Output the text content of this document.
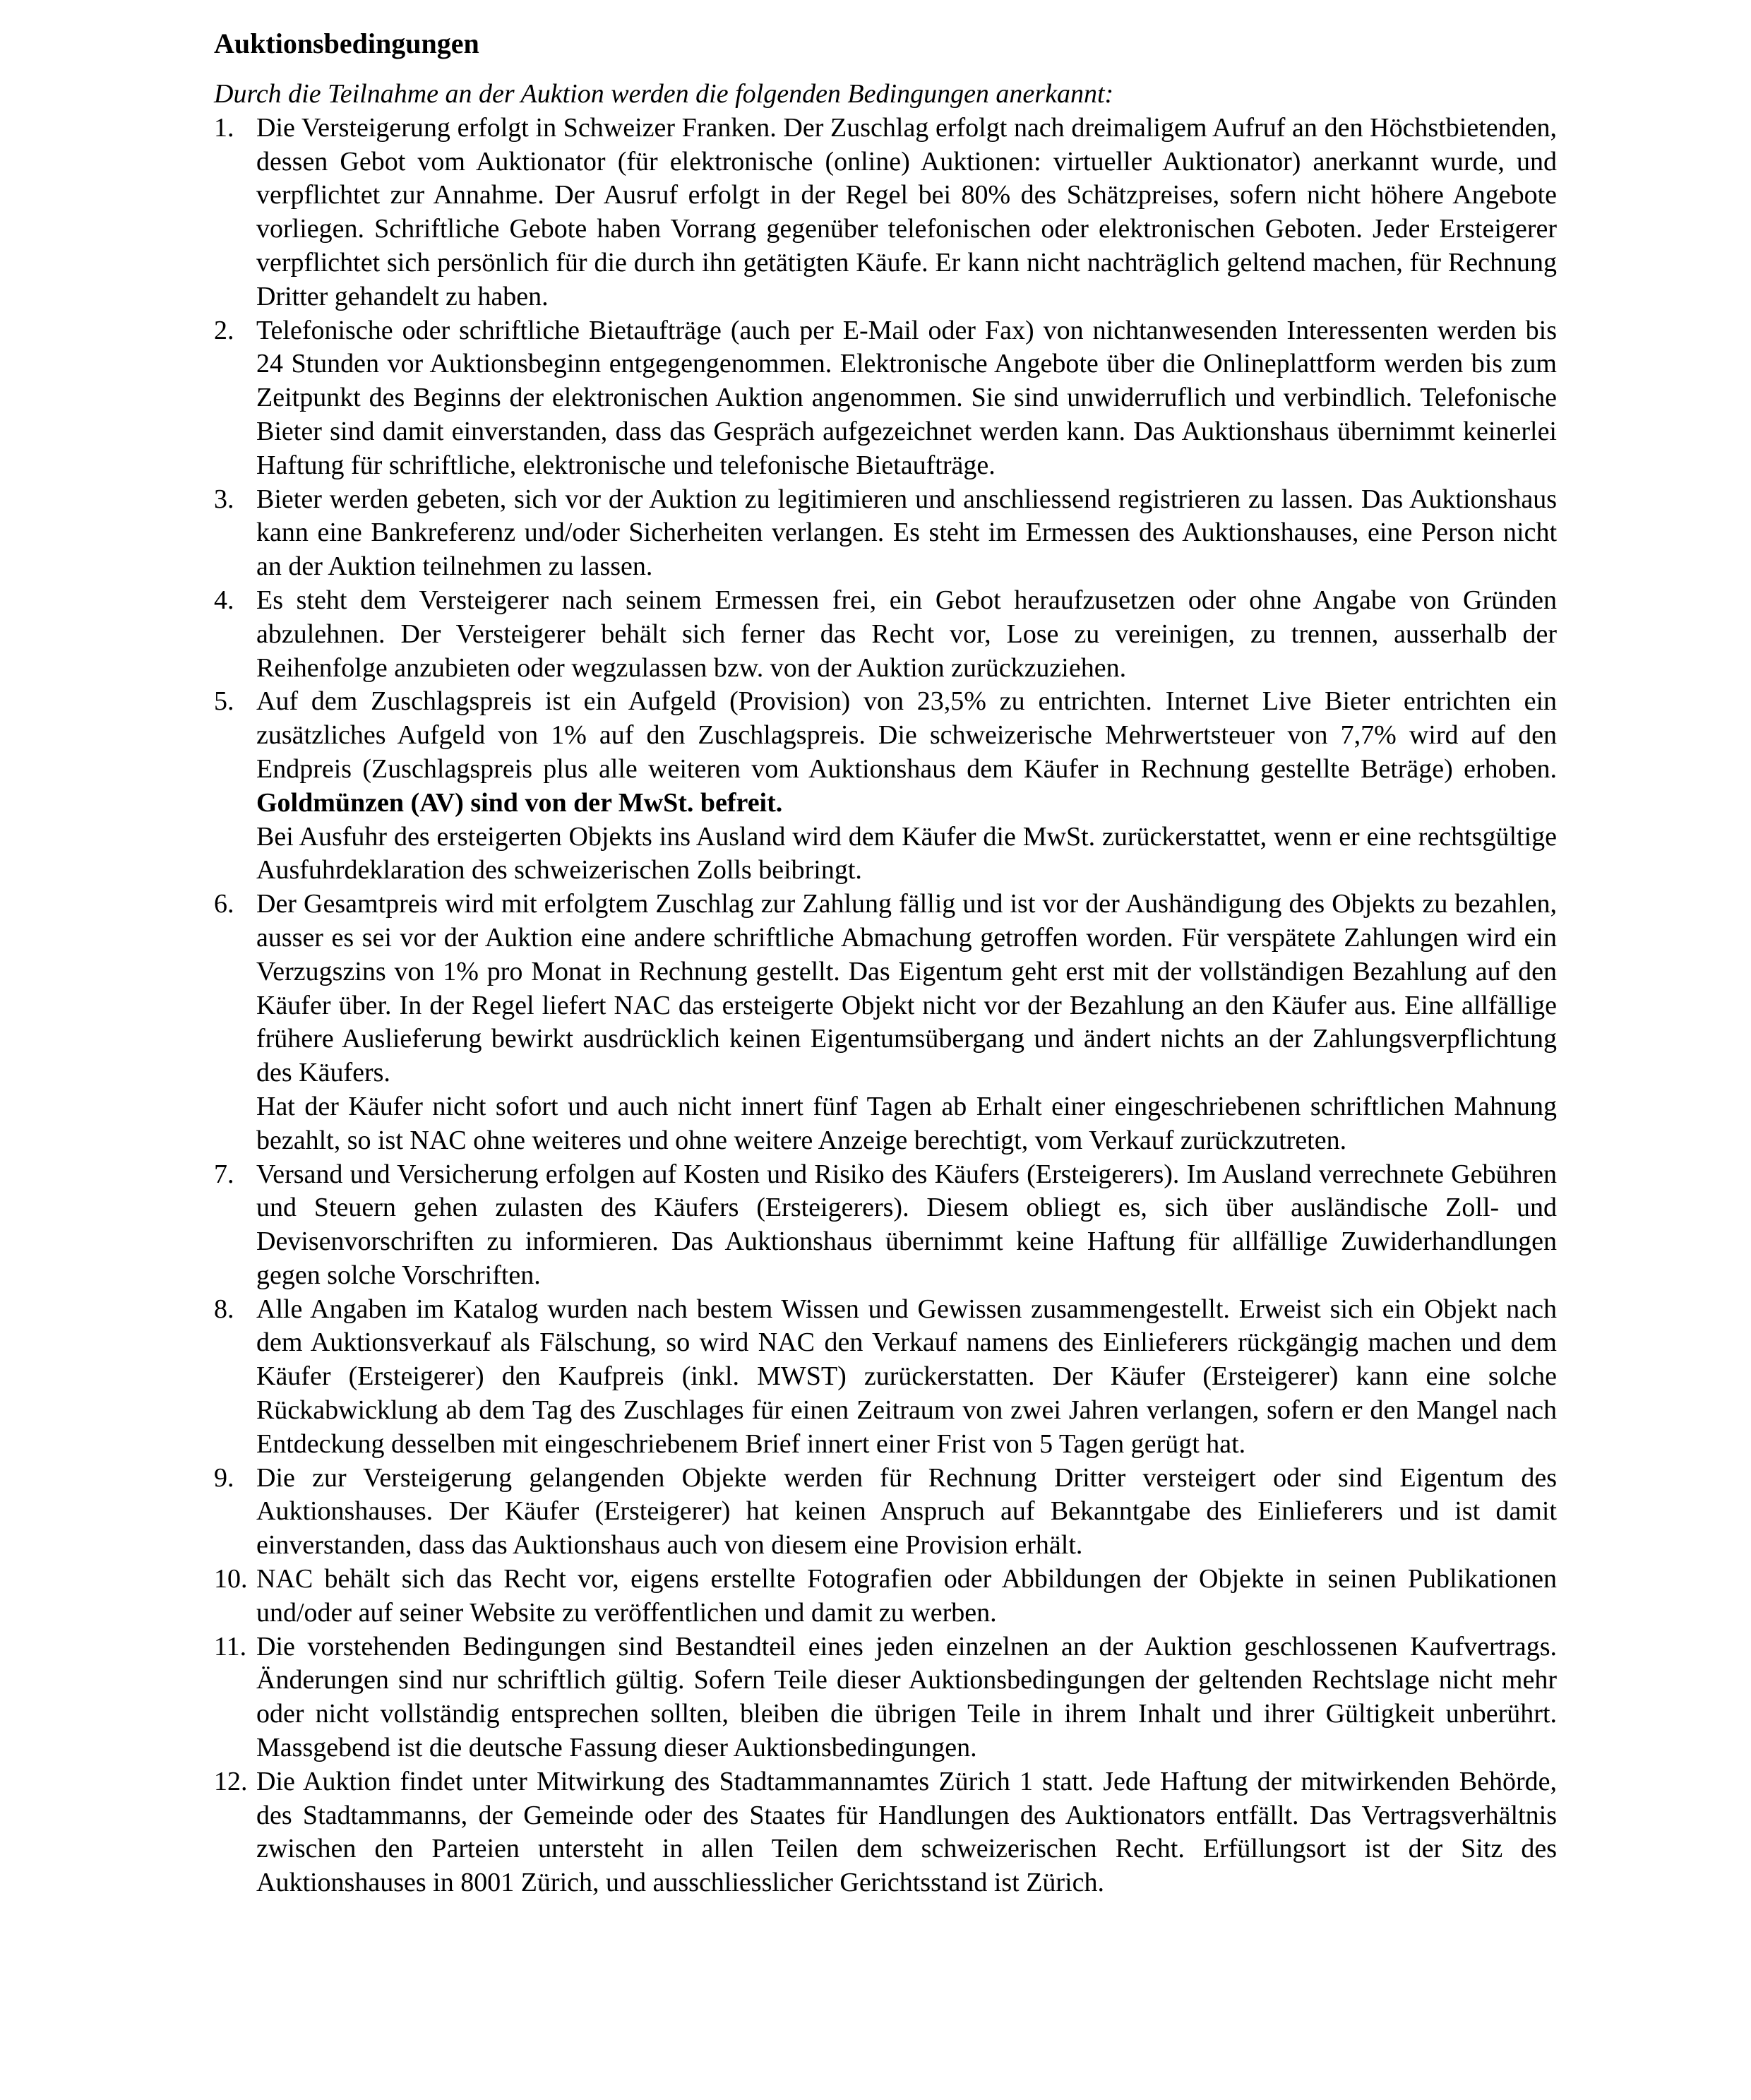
Auktionsbedingungen

Durch die Teilnahme an der Auktion werden die folgenden Bedingungen anerkannt:

1. Die Versteigerung erfolgt in Schweizer Franken. Der Zuschlag erfolgt nach dreimaligem Aufruf an den Höchstbietenden, dessen Gebot vom Auktionator (für elektronische (online) Auktionen: virtueller Auktionator) anerkannt wurde, und verpflichtet zur Annahme. Der Ausruf erfolgt in der Regel bei 80% des Schätzpreises, sofern nicht höhere Angebote vorliegen. Schriftliche Gebote haben Vorrang gegenüber telefonischen oder elektronischen Geboten. Jeder Ersteigerer verpflichtet sich persönlich für die durch ihn getätigten Käufe. Er kann nicht nachträglich geltend machen, für Rechnung Dritter gehandelt zu haben.

2. Telefonische oder schriftliche Bietaufträge (auch per E-Mail oder Fax) von nichtanwesenden Interessenten werden bis 24 Stunden vor Auktionsbeginn entgegengenommen. Elektronische Angebote über die Onlineplattform werden bis zum Zeitpunkt des Beginns der elektronischen Auktion angenommen. Sie sind unwiderruflich und verbindlich. Telefonische Bieter sind damit einverstanden, dass das Gespräch aufgezeichnet werden kann. Das Auktionshaus übernimmt keinerlei Haftung für schriftliche, elektronische und telefonische Bietaufträge.

3. Bieter werden gebeten, sich vor der Auktion zu legitimieren und anschliessend registrieren zu lassen. Das Auktionshaus kann eine Bankreferenz und/oder Sicherheiten verlangen. Es steht im Ermessen des Auktionshauses, eine Person nicht an der Auktion teilnehmen zu lassen.

4. Es steht dem Versteigerer nach seinem Ermessen frei, ein Gebot heraufzusetzen oder ohne Angabe von Gründen abzulehnen. Der Versteigerer behält sich ferner das Recht vor, Lose zu vereinigen, zu trennen, ausserhalb der Reihenfolge anzubieten oder wegzulassen bzw. von der Auktion zurückzuziehen.

5. Auf dem Zuschlagspreis ist ein Aufgeld (Provision) von 23,5% zu entrichten. Internet Live Bieter entrichten ein zusätzliches Aufgeld von 1% auf den Zuschlagspreis. Die schweizerische Mehrwertsteuer von 7,7% wird auf den Endpreis (Zuschlagspreis plus alle weiteren vom Auktionshaus dem Käufer in Rechnung gestellte Beträge) erhoben. Goldmünzen (AV) sind von der MwSt. befreit.

Bei Ausfuhr des ersteigerten Objekts ins Ausland wird dem Käufer die MwSt. zurückerstattet, wenn er eine rechtsgültige Ausfuhrdeklaration des schweizerischen Zolls beibringt.

6. Der Gesamtpreis wird mit erfolgtem Zuschlag zur Zahlung fällig und ist vor der Aushändigung des Objekts zu bezahlen, ausser es sei vor der Auktion eine andere schriftliche Abmachung getroffen worden. Für verspätete Zahlungen wird ein Verzugszins von 1% pro Monat in Rechnung gestellt. Das Eigentum geht erst mit der vollständigen Bezahlung auf den Käufer über. In der Regel liefert NAC das ersteigerte Objekt nicht vor der Bezahlung an den Käufer aus. Eine allfällige frühere Auslieferung bewirkt ausdrücklich keinen Eigentumsübergang und ändert nichts an der Zahlungsverpflichtung des Käufers.

Hat der Käufer nicht sofort und auch nicht innert fünf Tagen ab Erhalt einer eingeschriebenen schriftlichen Mahnung bezahlt, so ist NAC ohne weiteres und ohne weitere Anzeige berechtigt, vom Verkauf zurückzutreten.

7. Versand und Versicherung erfolgen auf Kosten und Risiko des Käufers (Ersteigerers). Im Ausland verrechnete Gebühren und Steuern gehen zulasten des Käufers (Ersteigerers). Diesem obliegt es, sich über ausländische Zoll- und Devisenvorschriften zu informieren. Das Auktionshaus übernimmt keine Haftung für allfällige Zuwiderhandlungen gegen solche Vorschriften.

8. Alle Angaben im Katalog wurden nach bestem Wissen und Gewissen zusammengestellt. Erweist sich ein Objekt nach dem Auktionsverkauf als Fälschung, so wird NAC den Verkauf namens des Einlieferers rückgängig machen und dem Käufer (Ersteigerer) den Kaufpreis (inkl. MWST) zurückerstatten. Der Käufer (Ersteigerer) kann eine solche Rückabwicklung ab dem Tag des Zuschlages für einen Zeitraum von zwei Jahren verlangen, sofern er den Mangel nach Entdeckung desselben mit eingeschriebenem Brief innert einer Frist von 5 Tagen gerügt hat.

9. Die zur Versteigerung gelangenden Objekte werden für Rechnung Dritter versteigert oder sind Eigentum des Auktionshauses. Der Käufer (Ersteigerer) hat keinen Anspruch auf Bekanntgabe des Einlieferers und ist damit einverstanden, dass das Auktionshaus auch von diesem eine Provision erhält.

10. NAC behält sich das Recht vor, eigens erstellte Fotografien oder Abbildungen der Objekte in seinen Publikationen und/oder auf seiner Website zu veröffentlichen und damit zu werben.

11. Die vorstehenden Bedingungen sind Bestandteil eines jeden einzelnen an der Auktion geschlossenen Kaufvertrags. Änderungen sind nur schriftlich gültig. Sofern Teile dieser Auktionsbedingungen der geltenden Rechtslage nicht mehr oder nicht vollständig entsprechen sollten, bleiben die übrigen Teile in ihrem Inhalt und ihrer Gültigkeit unberührt. Massgebend ist die deutsche Fassung dieser Auktionsbedingungen.

12. Die Auktion findet unter Mitwirkung des Stadtammannamtes Zürich 1 statt. Jede Haftung der mitwirkenden Behörde, des Stadtammanns, der Gemeinde oder des Staates für Handlungen des Auktionators entfällt. Das Vertragsverhältnis zwischen den Parteien untersteht in allen Teilen dem schweizerischen Recht. Erfüllungsort ist der Sitz des Auktionshauses in 8001 Zürich, und ausschliesslicher Gerichtsstand ist Zürich.
